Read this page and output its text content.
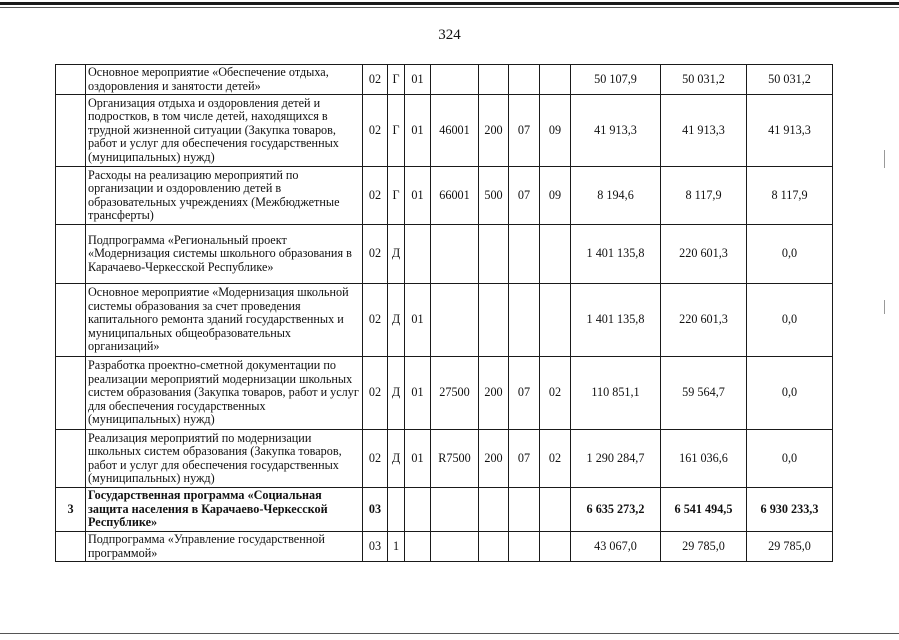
324
	Основное мероприятие «Обеспечение отдыха, оздоровления и занятости детей»	02	Г	01					50 107,9	50 031,2	50 031,2
	Организация отдыха и оздоровления детей и подростков, в том числе детей, находящихся в трудной жизненной ситуации (Закупка товаров, работ и услуг для обеспечения государственных (муниципальных) нужд)	02	Г	01	46001	200	07	09	41 913,3	41 913,3	41 913,3
	Расходы на реализацию мероприятий по организации и оздоровлению детей в образовательных учреждениях (Межбюджетные трансферты)	02	Г	01	66001	500	07	09	8 194,6	8 117,9	8 117,9
	Подпрограмма «Региональный проект «Модернизация системы школьного образования в Карачаево-Черкесской Республике»	02	Д						1 401 135,8	220 601,3	0,0
	Основное мероприятие «Модернизация школьной системы образования за счет проведения капитального ремонта зданий государственных и муниципальных общеобразовательных организаций»	02	Д	01					1 401 135,8	220 601,3	0,0
	Разработка проектно-сметной документации по реализации мероприятий модернизации школьных систем образования (Закупка товаров, работ и услуг для обеспечения государственных (муниципальных) нужд)	02	Д	01	27500	200	07	02	110 851,1	59 564,7	0,0
	Реализация мероприятий по модернизации школьных систем образования (Закупка товаров, работ и услуг для обеспечения государственных (муниципальных) нужд)	02	Д	01	R7500	200	07	02	1 290 284,7	161 036,6	0,0
3	Государственная программа «Социальная защита населения в Карачаево-Черкесской Республике»	03							6 635 273,2	6 541 494,5	6 930 233,3
	Подпрограмма «Управление государственной программой»	03	1						43 067,0	29 785,0	29 785,0
